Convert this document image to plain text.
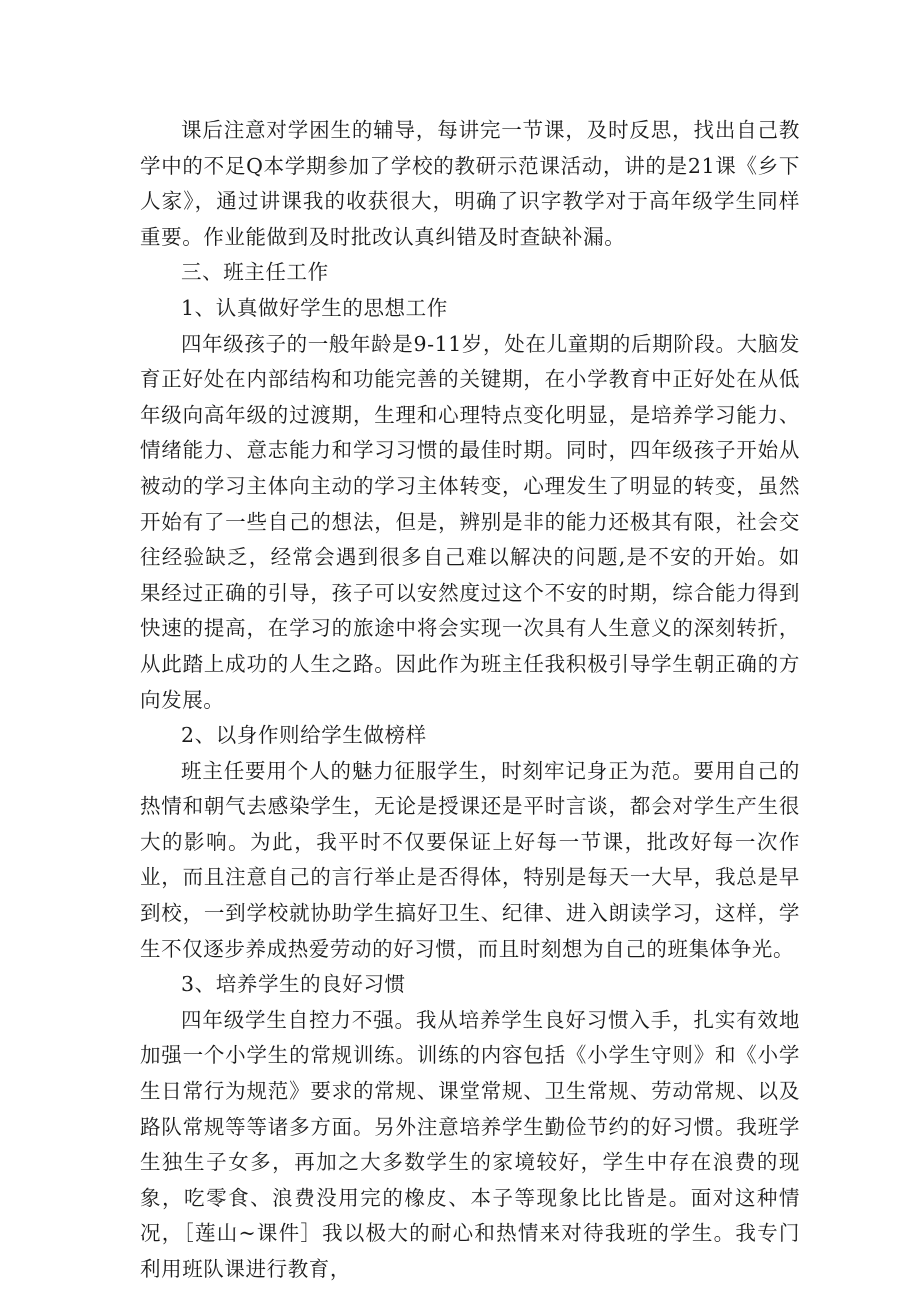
课后注意对学困生的辅导，每讲完一节课，及时反思，找出自己教学中的不足Q本学期参加了学校的教研示范课活动，讲的是21课《乡下人家》，通过讲课我的收获很大，明确了识字教学对于高年级学生同样重要。作业能做到及时批改认真纠错及时查缺补漏。

三、班主任工作

1、认真做好学生的思想工作

四年级孩子的一般年龄是9-11岁，处在儿童期的后期阶段。大脑发育正好处在内部结构和功能完善的关键期，在小学教育中正好处在从低年级向高年级的过渡期，生理和心理特点变化明显，是培养学习能力、情绪能力、意志能力和学习习惯的最佳时期。同时，四年级孩子开始从被动的学习主体向主动的学习主体转变，心理发生了明显的转变，虽然开始有了一些自己的想法，但是，辨别是非的能力还极其有限，社会交往经验缺乏，经常会遇到很多自己难以解决的问题,是不安的开始。如果经过正确的引导，孩子可以安然度过这个不安的时期，综合能力得到快速的提高，在学习的旅途中将会实现一次具有人生意义的深刻转折，从此踏上成功的人生之路。因此作为班主任我积极引导学生朝正确的方向发展。

2、以身作则给学生做榜样

班主任要用个人的魅力征服学生，时刻牢记身正为范。要用自己的热情和朝气去感染学生，无论是授课还是平时言谈，都会对学生产生很大的影响。为此，我平时不仅要保证上好每一节课，批改好每一次作业，而且注意自己的言行举止是否得体，特别是每天一大早，我总是早到校，一到学校就协助学生搞好卫生、纪律、进入朗读学习，这样，学生不仅逐步养成热爱劳动的好习惯，而且时刻想为自己的班集体争光。

3、培养学生的良好习惯

四年级学生自控力不强。我从培养学生良好习惯入手，扎实有效地加强一个小学生的常规训练。训练的内容包括《小学生守则》和《小学生日常行为规范》要求的常规、课堂常规、卫生常规、劳动常规、以及路队常规等等诸多方面。另外注意培养学生勤俭节约的好习惯。我班学生独生子女多，再加之大多数学生的家境较好，学生中存在浪费的现象，吃零食、浪费没用完的橡皮、本子等现象比比皆是。面对这种情况，［莲山~课件］我以极大的耐心和热情来对待我班的学生。我专门利用班队课进行教育，
